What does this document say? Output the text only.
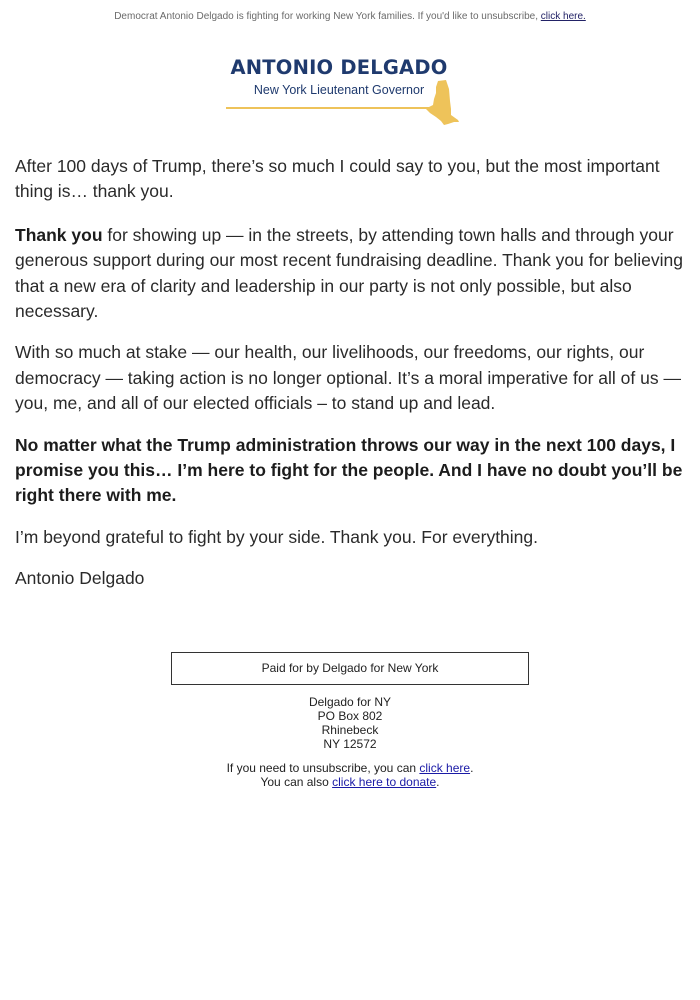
Democrat Antonio Delgado is fighting for working New York families. If you'd like to unsubscribe, click here.
ANTONIO DELGADO
New York Lieutenant Governor

After 100 days of Trump, there’s so much I could say to you, but the most important thing is… thank you.

Thank you for showing up — in the streets, by attending town halls and through your generous support during our most recent fundraising deadline. Thank you for believing that a new era of clarity and leadership in our party is not only possible, but also necessary.

With so much at stake — our health, our livelihoods, our freedoms, our rights, our democracy — taking action is no longer optional. It’s a moral imperative for all of us — you, me, and all of our elected officials – to stand up and lead.

No matter what the Trump administration throws our way in the next 100 days, I promise you this… I’m here to fight for the people. And I have no doubt you’ll be right there with me.

I’m beyond grateful to fight by your side. Thank you. For everything.

Antonio Delgado

Paid for by Delgado for New York
Delgado for NY
PO Box 802
Rhinebeck
NY 12572
If you need to unsubscribe, you can click here.
You can also click here to donate.
